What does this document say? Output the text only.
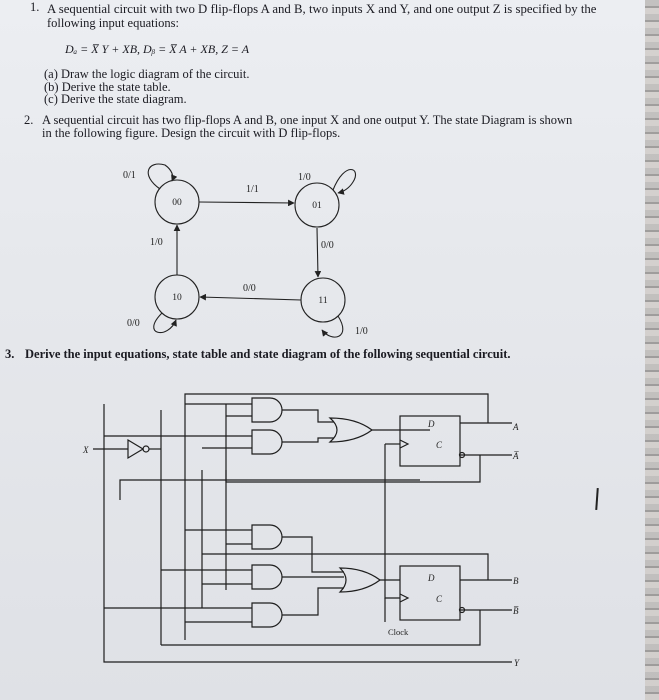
1. A sequential circuit with two D flip-flops A and B, two inputs X and Y, and one output Z is specified by the
following input equations:
Dₐ = X̅ Y + XB, Dᵦ = X̅ A + XB, Z = A
(a) Draw the logic diagram of the circuit.
(b) Derive the state table.
(c) Derive the state diagram.
2. A sequential circuit has two flip-flops A and B, one input X and one output Y. The state Diagram is shown
in the following figure. Design the circuit with D flip-flops.
00	01
11
10
0/1
1/1
1/0
0/0
1/0
0/0
1/0
0/0
3. Derive the input equations, state table and state diagram of the following sequential circuit.
X
A
A̅
B
B̅
Y
D
C
D
C
Clock
